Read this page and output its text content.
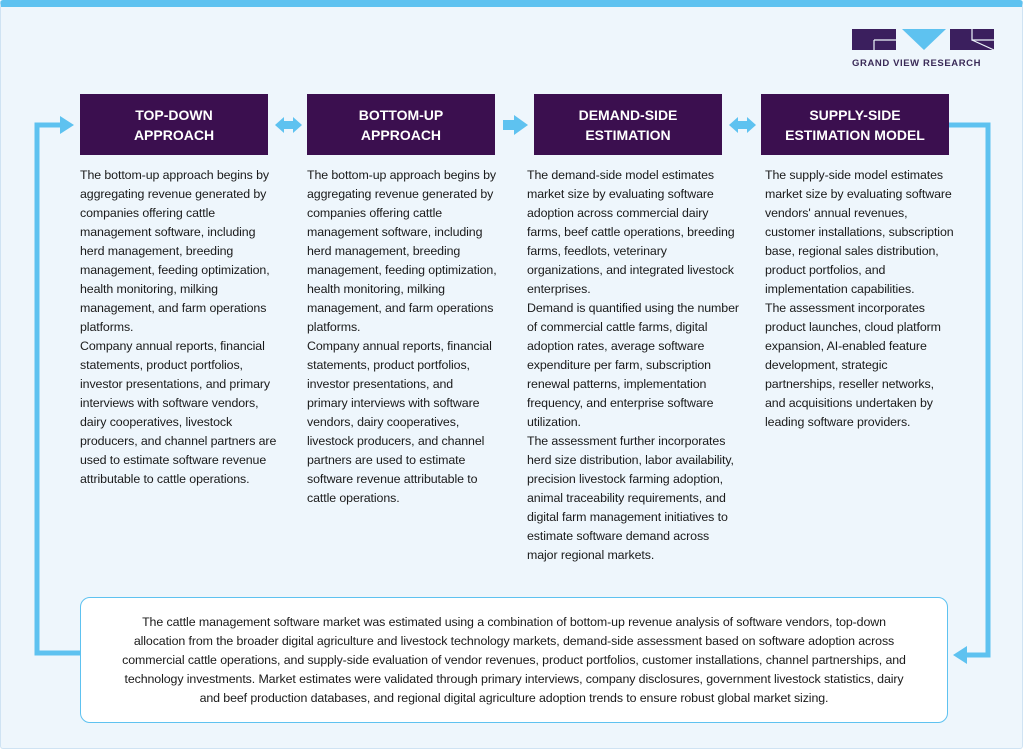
GRAND VIEW RESEARCH
TOP-DOWN
APPROACH
BOTTOM-UP
APPROACH
DEMAND-SIDE
ESTIMATION
SUPPLY-SIDE
ESTIMATION MODEL

The bottom-up approach begins by aggregating revenue generated by companies offering cattle management software, including herd management, breeding management, feeding optimization, health monitoring, milking management, and farm operations platforms.

Company annual reports, financial statements, product portfolios, investor presentations, and primary interviews with software vendors, dairy cooperatives, livestock producers, and channel partners are used to estimate software revenue attributable to cattle operations.

The bottom-up approach begins by aggregating revenue generated by companies offering cattle management software, including herd management, breeding management, feeding optimization, health monitoring, milking management, and farm operations platforms.

Company annual reports, financial statements, product portfolios, investor presentations, and primary interviews with software vendors, dairy cooperatives, livestock producers, and channel partners are used to estimate software revenue attributable to cattle operations.

The demand-side model estimates market size by evaluating software adoption across commercial dairy farms, beef cattle operations, breeding farms, feedlots, veterinary organizations, and integrated livestock enterprises.

Demand is quantified using the number of commercial cattle farms, digital adoption rates, average software expenditure per farm, subscription renewal patterns, implementation frequency, and enterprise software utilization.

The assessment further incorporates herd size distribution, labor availability, precision livestock farming adoption, animal traceability requirements, and digital farm management initiatives to estimate software demand across major regional markets.

The supply-side model estimates market size by evaluating software vendors' annual revenues, customer installations, subscription base, regional sales distribution, product portfolios, and implementation capabilities.

The assessment incorporates product launches, cloud platform expansion, AI-enabled feature development, strategic partnerships, reseller networks, and acquisitions undertaken by leading software providers.

The cattle management software market was estimated using a combination of bottom-up revenue analysis of software vendors, top-down allocation from the broader digital agriculture and livestock technology markets, demand-side assessment based on software adoption across commercial cattle operations, and supply-side evaluation of vendor revenues, product portfolios, customer installations, channel partnerships, and technology investments. Market estimates were validated through primary interviews, company disclosures, government livestock statistics, dairy and beef production databases, and regional digital agriculture adoption trends to ensure robust global market sizing.
